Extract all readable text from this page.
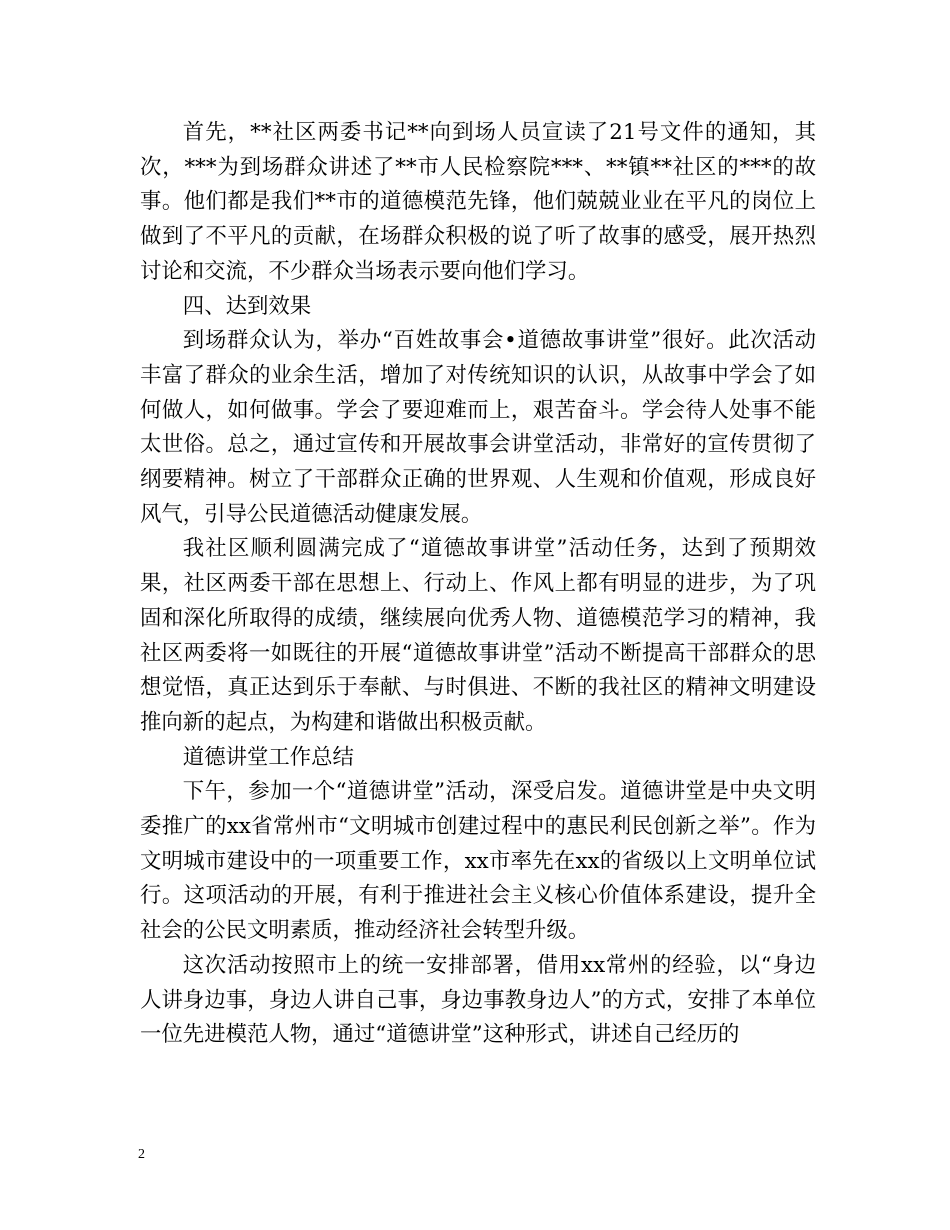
首先，**社区两委书记**向到场人员宣读了21号文件的通知，其次，***为到场群众讲述了**市人民检察院***、**镇**社区的***的故事。他们都是我们**市的道德模范先锋，他们兢兢业业在平凡的岗位上做到了不平凡的贡献，在场群众积极的说了听了故事的感受，展开热烈讨论和交流，不少群众当场表示要向他们学习。

四、达到效果

到场群众认为，举办“百姓故事会•道德故事讲堂”很好。此次活动丰富了群众的业余生活，增加了对传统知识的认识，从故事中学会了如何做人，如何做事。学会了要迎难而上，艰苦奋斗。学会待人处事不能太世俗。总之，通过宣传和开展故事会讲堂活动，非常好的宣传贯彻了纲要精神。树立了干部群众正确的世界观、人生观和价值观，形成良好风气，引导公民道德活动健康发展。

我社区顺利圆满完成了“道德故事讲堂”活动任务，达到了预期效果，社区两委干部在思想上、行动上、作风上都有明显的进步，为了巩固和深化所取得的成绩，继续展向优秀人物、道德模范学习的精神，我社区两委将一如既往的开展“道德故事讲堂”活动不断提高干部群众的思想觉悟，真正达到乐于奉献、与时俱进、不断的我社区的精神文明建设推向新的起点，为构建和谐做出积极贡献。

道德讲堂工作总结

下午，参加一个“道德讲堂”活动，深受启发。道德讲堂是中央文明委推广的xx省常州市“文明城市创建过程中的惠民利民创新之举”。作为文明城市建设中的一项重要工作，xx市率先在xx的省级以上文明单位试行。这项活动的开展，有利于推进社会主义核心价值体系建设，提升全社会的公民文明素质，推动经济社会转型升级。

这次活动按照市上的统一安排部署，借用xx常州的经验，以“身边人讲身边事，身边人讲自己事，身边事教身边人”的方式，安排了本单位一位先进模范人物，通过“道德讲堂”这种形式，讲述自己经历的

2
